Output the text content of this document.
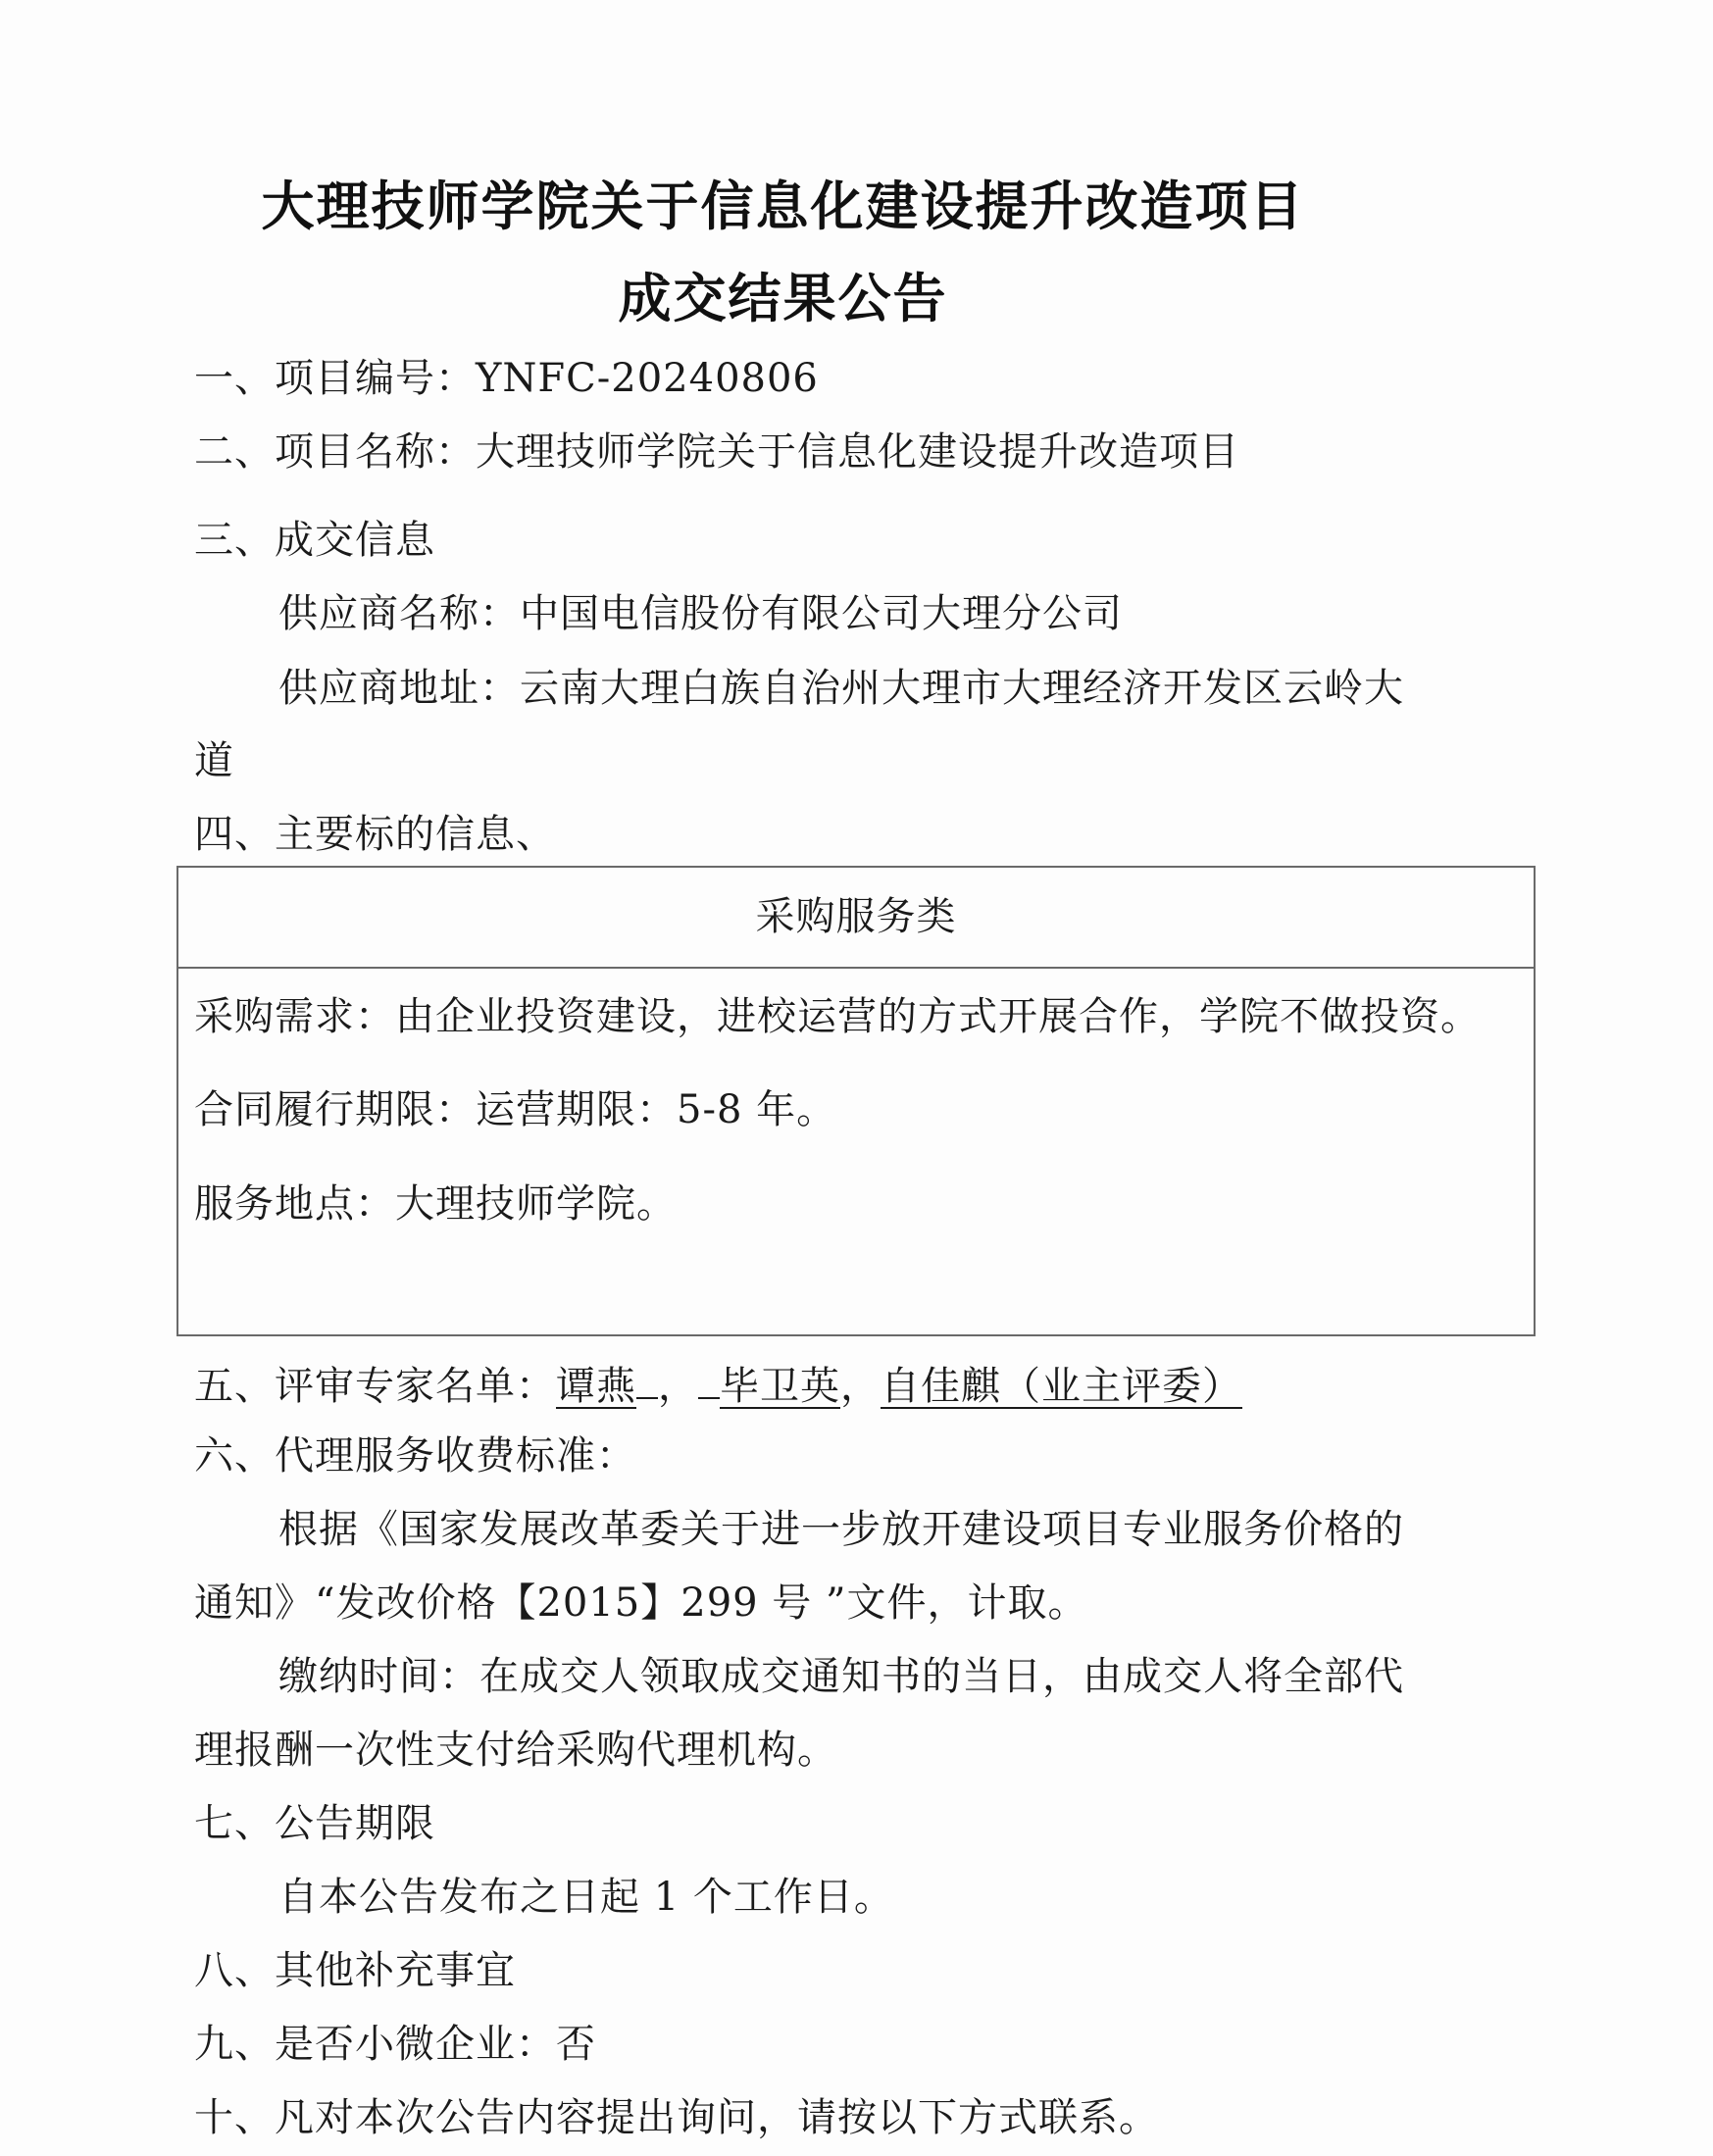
大理技师学院关于信息化建设提升改造项目
成交结果公告
一、项目编号：YNFC-20240806
二、项目名称：大理技师学院关于信息化建设提升改造项目
三、成交信息
供应商名称：中国电信股份有限公司大理分公司
供应商地址：云南大理白族自治州大理市大理经济开发区云岭大
道
四、主要标的信息、
采购服务类
采购需求：由企业投资建设，进校运营的方式开展合作，学院不做投资。
合同履行期限：运营期限：5-8 年。
服务地点：大理技师学院。
五、评审专家名单：谭燕 ， 毕卫英，自佳麒（业主评委）
六、代理服务收费标准：
根据《国家发展改革委关于进一步放开建设项目专业服务价格的
通知》“发改价格【2015】299 号 ”文件，计取。
缴纳时间：在成交人领取成交通知书的当日，由成交人将全部代
理报酬一次性支付给采购代理机构。
七、公告期限
自本公告发布之日起 1 个工作日。
八、其他补充事宜
九、是否小微企业：否
十、凡对本次公告内容提出询问，请按以下方式联系。
